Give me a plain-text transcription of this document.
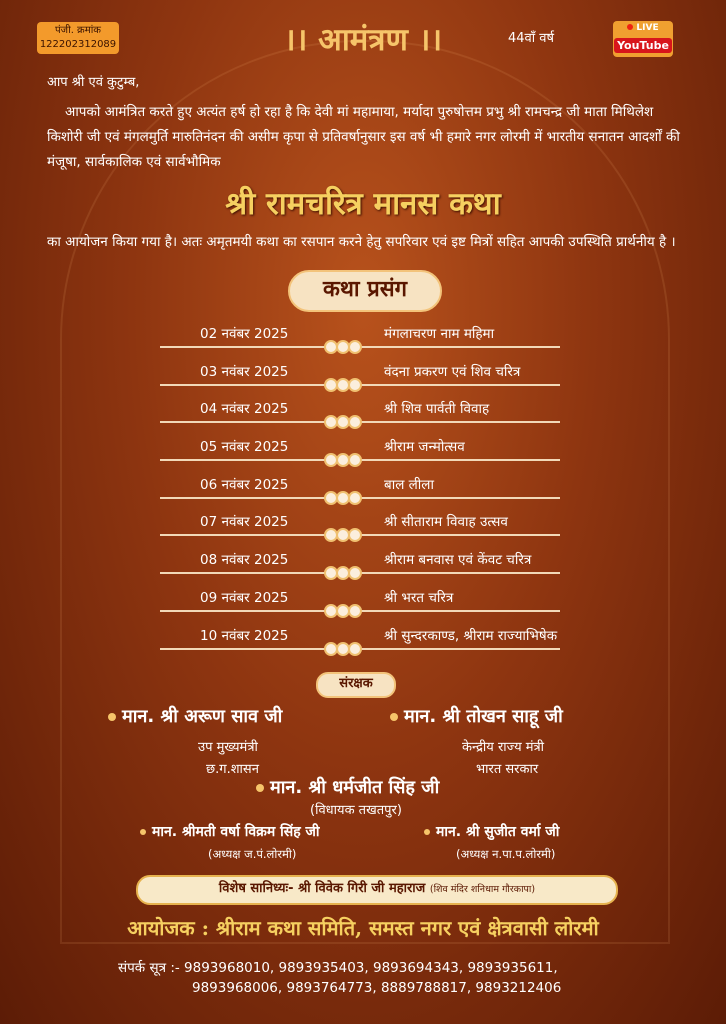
पंजी. क्रमांक
122202312089	।। आमंत्रण ।।	44वाँ वर्ष
LIVE
YouTube
आप श्री एवं कुटुम्ब,
आपको आमंत्रित करते हुए अत्यंत हर्ष हो रहा है कि देवी मां महामाया, मर्यादा पुरुषोत्तम प्रभु श्री रामचन्द्र जी माता मिथिलेश किशोरी जी एवं मंगलमुर्ति मारुतिनंदन की असीम कृपा से प्रतिवर्षानुसार इस वर्ष भी हमारे नगर लोरमी में भारतीय सनातन आदर्शों की मंजूषा, सार्वकालिक एवं सार्वभौमिक
श्री रामचरित्र मानस कथा
का आयोजन किया गया है। अतः अमृतमयी कथा का रसपान करने हेतु सपरिवार एवं इष्ट मित्रों सहित आपकी उपस्थिति प्रार्थनीय है ।
कथा प्रसंग
02 नवंबर 2025	मंगलाचरण नाम महिमा
03 नवंबर 2025	वंदना प्रकरण एवं शिव चरित्र
04 नवंबर 2025	श्री शिव पार्वती विवाह
05 नवंबर 2025	श्रीराम जन्मोत्सव
06 नवंबर 2025	बाल लीला
07 नवंबर 2025	श्री सीताराम विवाह उत्सव
08 नवंबर 2025	श्रीराम बनवास एवं केंवट चरित्र
09 नवंबर 2025	श्री भरत चरित्र
10 नवंबर 2025	श्री सुन्दरकाण्ड, श्रीराम राज्याभिषेक
संरक्षक
मान. श्री अरूण साव जी
उप मुख्यमंत्री
छ.ग.शासन
मान. श्री तोखन साहू जी
केन्द्रीय राज्य मंत्री
भारत सरकार
मान. श्री धर्मजीत सिंह जी
(विधायक तखतपुर)
मान. श्रीमती वर्षा विक्रम सिंह जी
(अध्यक्ष ज.पं.लोरमी)
मान. श्री सुजीत वर्मा जी
(अध्यक्ष न.पा.प.लोरमी)
विशेष सानिध्यः- श्री विवेक गिरी जी महाराज (शिव मंदिर शनिधाम गौरकापा)
आयोजक : श्रीराम कथा समिति, समस्त नगर एवं क्षेत्रवासी लोरमी
संपर्क सूत्र :- 9893968010, 9893935403, 9893694343, 9893935611,
9893968006, 9893764773, 8889788817, 9893212406
